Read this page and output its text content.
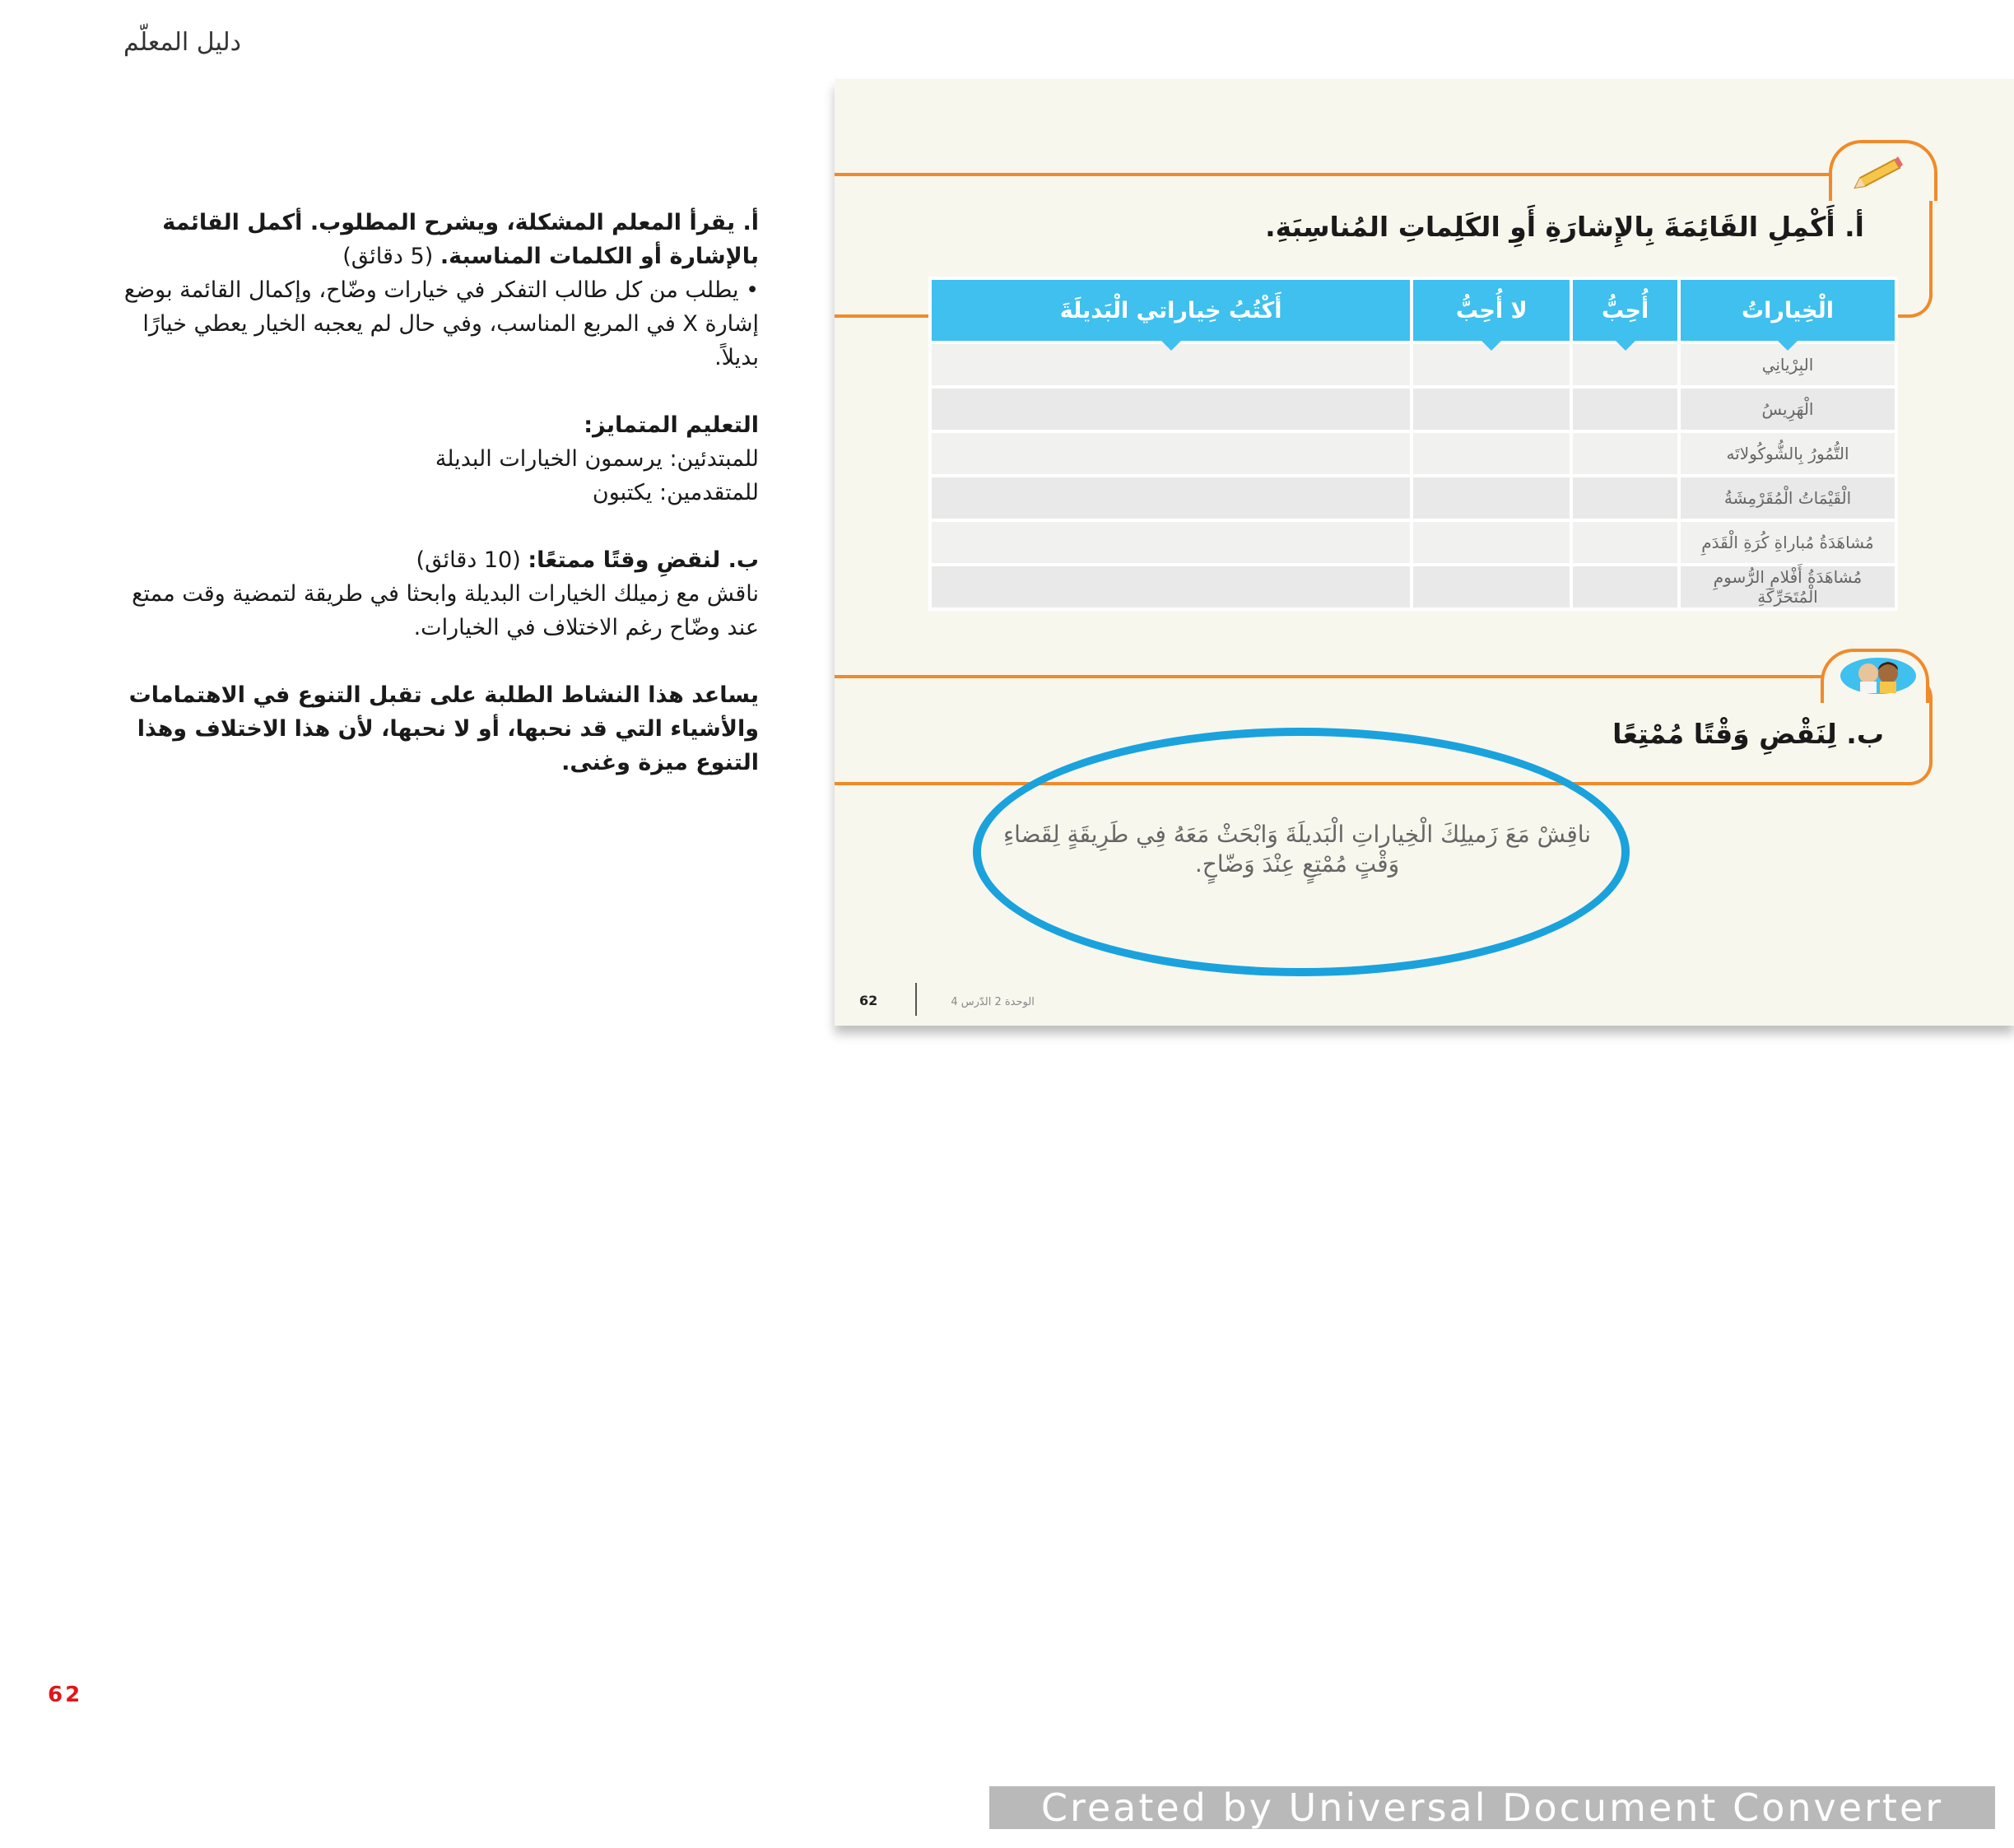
دليل المعلّم

أ. يقرأ المعلم المشكلة، ويشرح المطلوب. أكمل القائمة بالإشارة أو الكلمات المناسبة. (5 دقائق)

• يطلب من كل طالب التفكر في خيارات وضّاح، وإكمال القائمة بوضع إشارة X في المربع المناسب، وفي حال لم يعجبه الخيار يعطي خيارًا بديلاً.

التعليم المتمايز:

للمبتدئين: يرسمون الخيارات البديلة

للمتقدمين: يكتبون

ب. لنقضِ وقتًا ممتعًا: (10 دقائق)

ناقش مع زميلك الخيارات البديلة وابحثا في طريقة لتمضية وقت ممتع عند وضّاح رغم الاختلاف في الخيارات.

يساعد هذا النشاط الطلبة على تقبل التنوع في الاهتمامات والأشياء التي قد نحبها، أو لا نحبها، لأن هذا الاختلاف وهذا التنوع ميزة وغنى.

أ. أَكْمِلِ القَائِمَةَ بِالإِشارَةِ أَوِ الكَلِماتِ المُناسِبَةِ.
الْخِياراتُ	أُحِبُّ	لا أُحِبُّ	أَكْتُبُ خِياراتي الْبَديلَةَ

البِرْيانِي			
الْهَرِيسُ			
التُّمُورُ بِالشُّوكُولاتَه			
الْقَيْمَاتُ الْمُقَرْمِشَةُ			
مُشاهَدَةُ مُباراةِ كُرَةِ الْقَدَمِ			
مُشاهَدَةُ أَفْلامِ الرُّسومِ الْمُتَحَرِّكَةِ			
ب. لِنَقْضِ وَقْتًا مُمْتِعًا
ناقِشْ مَعَ زَميلِكَ الْخِياراتِ الْبَديلَةَ وَابْحَثْ مَعَهُ فِي طَرِيقَةٍ لِقَضاءِ وَقْتٍ مُمْتِعٍ عِنْدَ وَضّاحٍ.
62	الوحدة 2 الدّرس 4
62
Created by Universal Document Converter
